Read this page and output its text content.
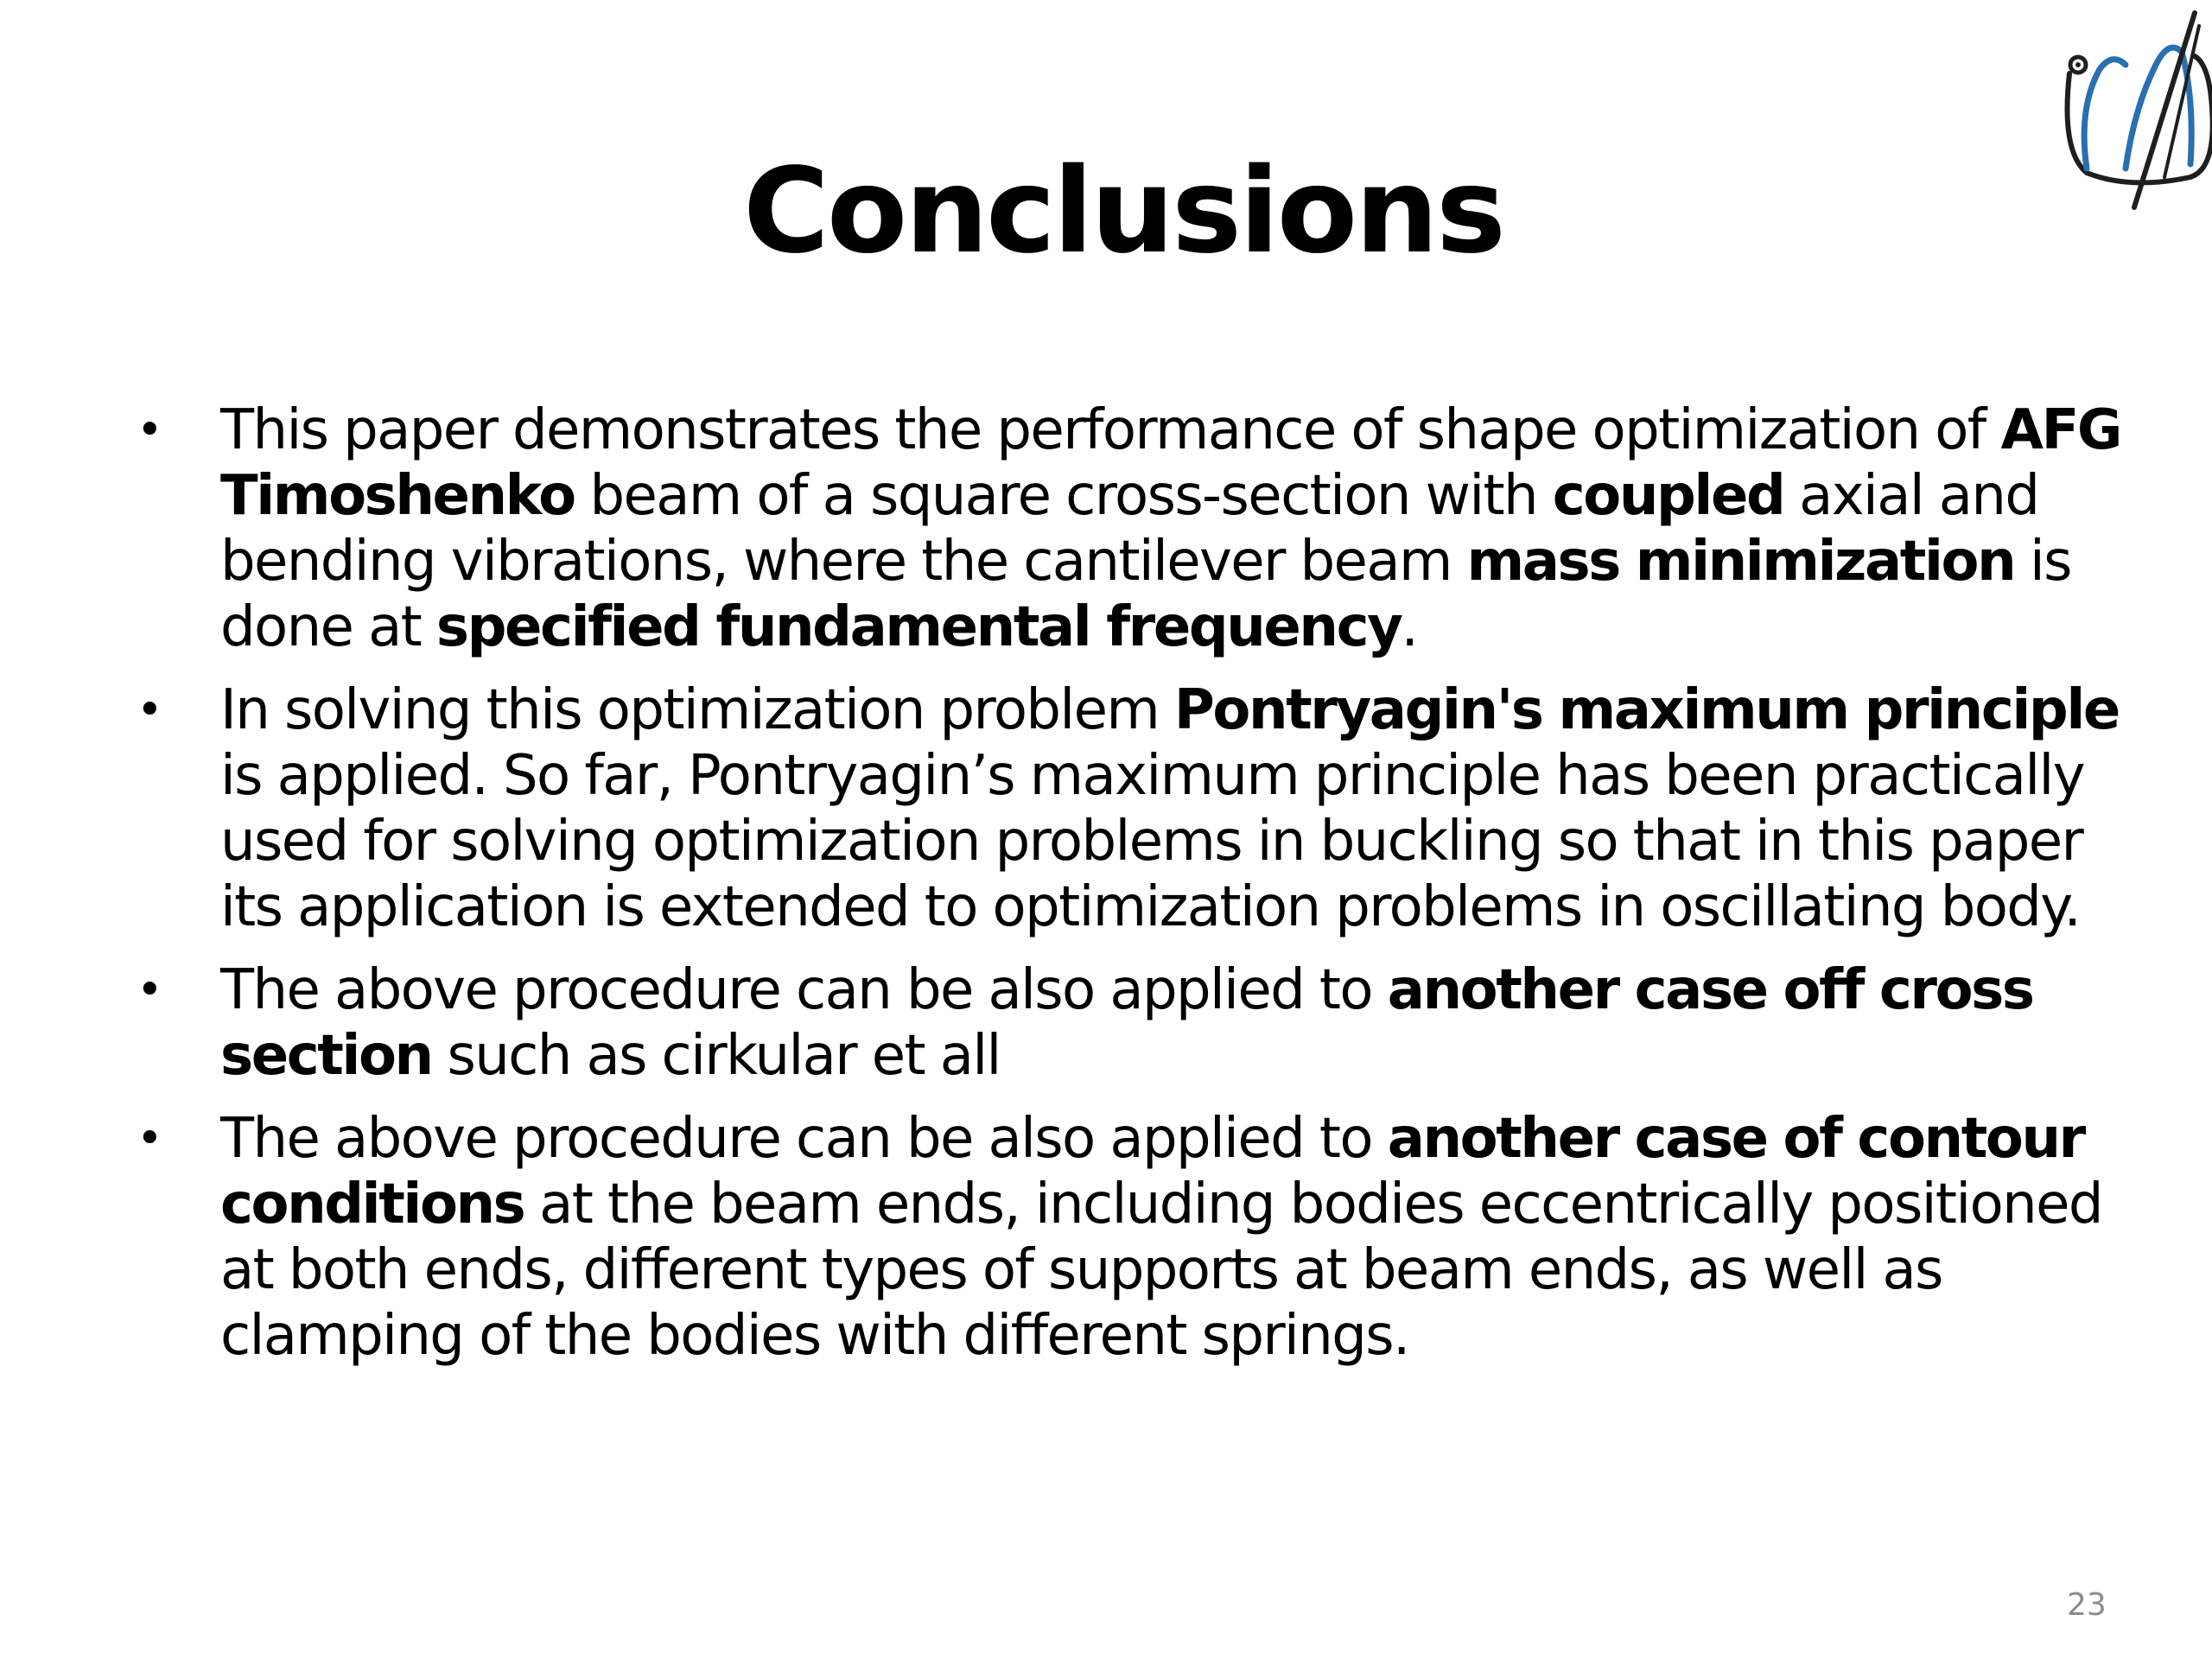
Conclusions
• This paper demonstrates the performance of shape optimization of AFG Timoshenko beam of a square cross-section with coupled axial and bending vibrations, where the cantilever beam mass minimization is done at specified fundamental frequency.
• In solving this optimization problem Pontryagin's maximum principle is applied. So far, Pontryagin’s maximum principle has been practically used for solving optimization problems in buckling so that in this paper its application is extended to optimization problems in oscillating body.
• The above procedure can be also applied to another case off cross section such as cirkular et all
• The above procedure can be also applied to another case of contour conditions at the beam ends, including bodies eccentrically positioned at both ends, different types of supports at beam ends, as well as clamping of the bodies with different springs.
23
